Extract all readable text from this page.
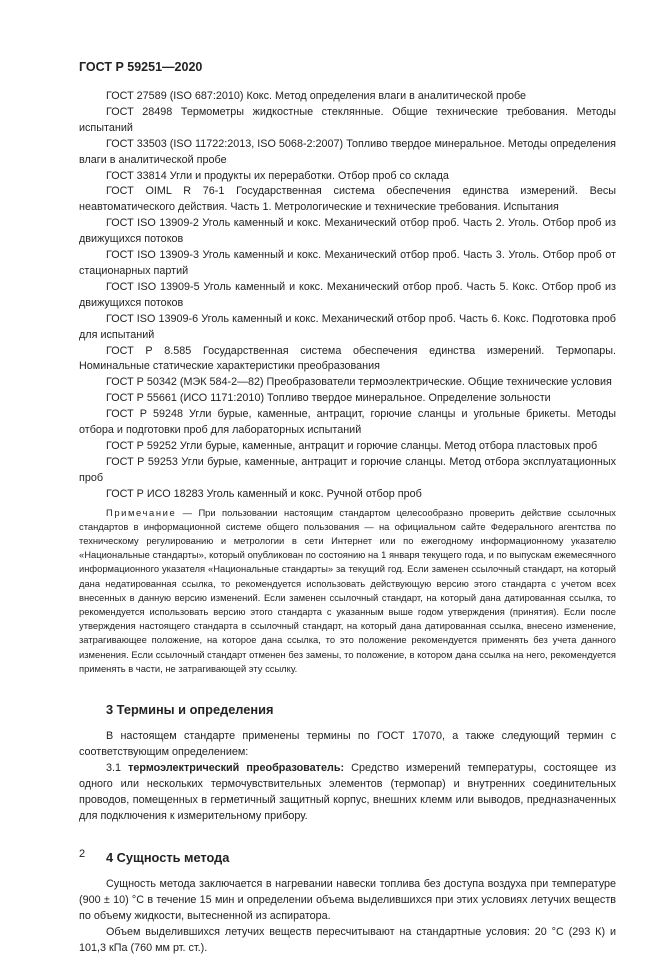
ГОСТ Р 59251—2020
ГОСТ 27589 (ISO 687:2010) Кокс. Метод определения влаги в аналитической пробе
ГОСТ 28498 Термометры жидкостные стеклянные. Общие технические требования. Методы испытаний
ГОСТ 33503 (ISO 11722:2013, ISO 5068-2:2007) Топливо твердое минеральное. Методы определения влаги в аналитической пробе
ГОСТ 33814 Угли и продукты их переработки. Отбор проб со склада
ГОСТ OIML R 76-1 Государственная система обеспечения единства измерений. Весы неавтоматического действия. Часть 1. Метрологические и технические требования. Испытания
ГОСТ ISO 13909-2 Уголь каменный и кокс. Механический отбор проб. Часть 2. Уголь. Отбор проб из движущихся потоков
ГОСТ ISO 13909-3 Уголь каменный и кокс. Механический отбор проб. Часть 3. Уголь. Отбор проб от стационарных партий
ГОСТ ISO 13909-5 Уголь каменный и кокс. Механический отбор проб. Часть 5. Кокс. Отбор проб из движущихся потоков
ГОСТ ISO 13909-6 Уголь каменный и кокс. Механический отбор проб. Часть 6. Кокс. Подготовка проб для испытаний
ГОСТ Р 8.585 Государственная система обеспечения единства измерений. Термопары. Номинальные статические характеристики преобразования
ГОСТ Р 50342 (МЭК 584-2—82) Преобразователи термоэлектрические. Общие технические условия
ГОСТ Р 55661 (ИСО 1171:2010) Топливо твердое минеральное. Определение зольности
ГОСТ Р 59248 Угли бурые, каменные, антрацит, горючие сланцы и угольные брикеты. Методы отбора и подготовки проб для лабораторных испытаний
ГОСТ Р 59252 Угли бурые, каменные, антрацит и горючие сланцы. Метод отбора пластовых проб
ГОСТ Р 59253 Угли бурые, каменные, антрацит и горючие сланцы. Метод отбора эксплуатационных проб
ГОСТ Р ИСО 18283 Уголь каменный и кокс. Ручной отбор проб
Примечание — При пользовании настоящим стандартом целесообразно проверить действие ссылочных стандартов в информационной системе общего пользования — на официальном сайте Федерального агентства по техническому регулированию и метрологии в сети Интернет или по ежегодному информационному указателю «Национальные стандарты», который опубликован по состоянию на 1 января текущего года, и по выпускам ежемесячного информационного указателя «Национальные стандарты» за текущий год. Если заменен ссылочный стандарт, на который дана недатированная ссылка, то рекомендуется использовать действующую версию этого стандарта с учетом всех внесенных в данную версию изменений. Если заменен ссылочный стандарт, на который дана датированная ссылка, то рекомендуется использовать версию этого стандарта с указанным выше годом утверждения (принятия). Если после утверждения настоящего стандарта в ссылочный стандарт, на который дана датированная ссылка, внесено изменение, затрагивающее положение, на которое дана ссылка, то это положение рекомендуется применять без учета данного изменения. Если ссылочный стандарт отменен без замены, то положение, в котором дана ссылка на него, рекомендуется применять в части, не затрагивающей эту ссылку.
3 Термины и определения
В настоящем стандарте применены термины по ГОСТ 17070, а также следующий термин с соответствующим определением:
3.1 термоэлектрический преобразователь: Средство измерений температуры, состоящее из одного или нескольких термочувствительных элементов (термопар) и внутренних соединительных проводов, помещенных в герметичный защитный корпус, внешних клемм или выводов, предназначенных для подключения к измерительному прибору.
4 Сущность метода
Сущность метода заключается в нагревании навески топлива без доступа воздуха при температуре (900 ± 10) °С в течение 15 мин и определении объема выделившихся при этих условиях летучих веществ по объему жидкости, вытесненной из аспиратора.
Объем выделившихся летучих веществ пересчитывают на стандартные условия: 20 °С (293 К) и 101,3 кПа (760 мм рт. ст.).
2
